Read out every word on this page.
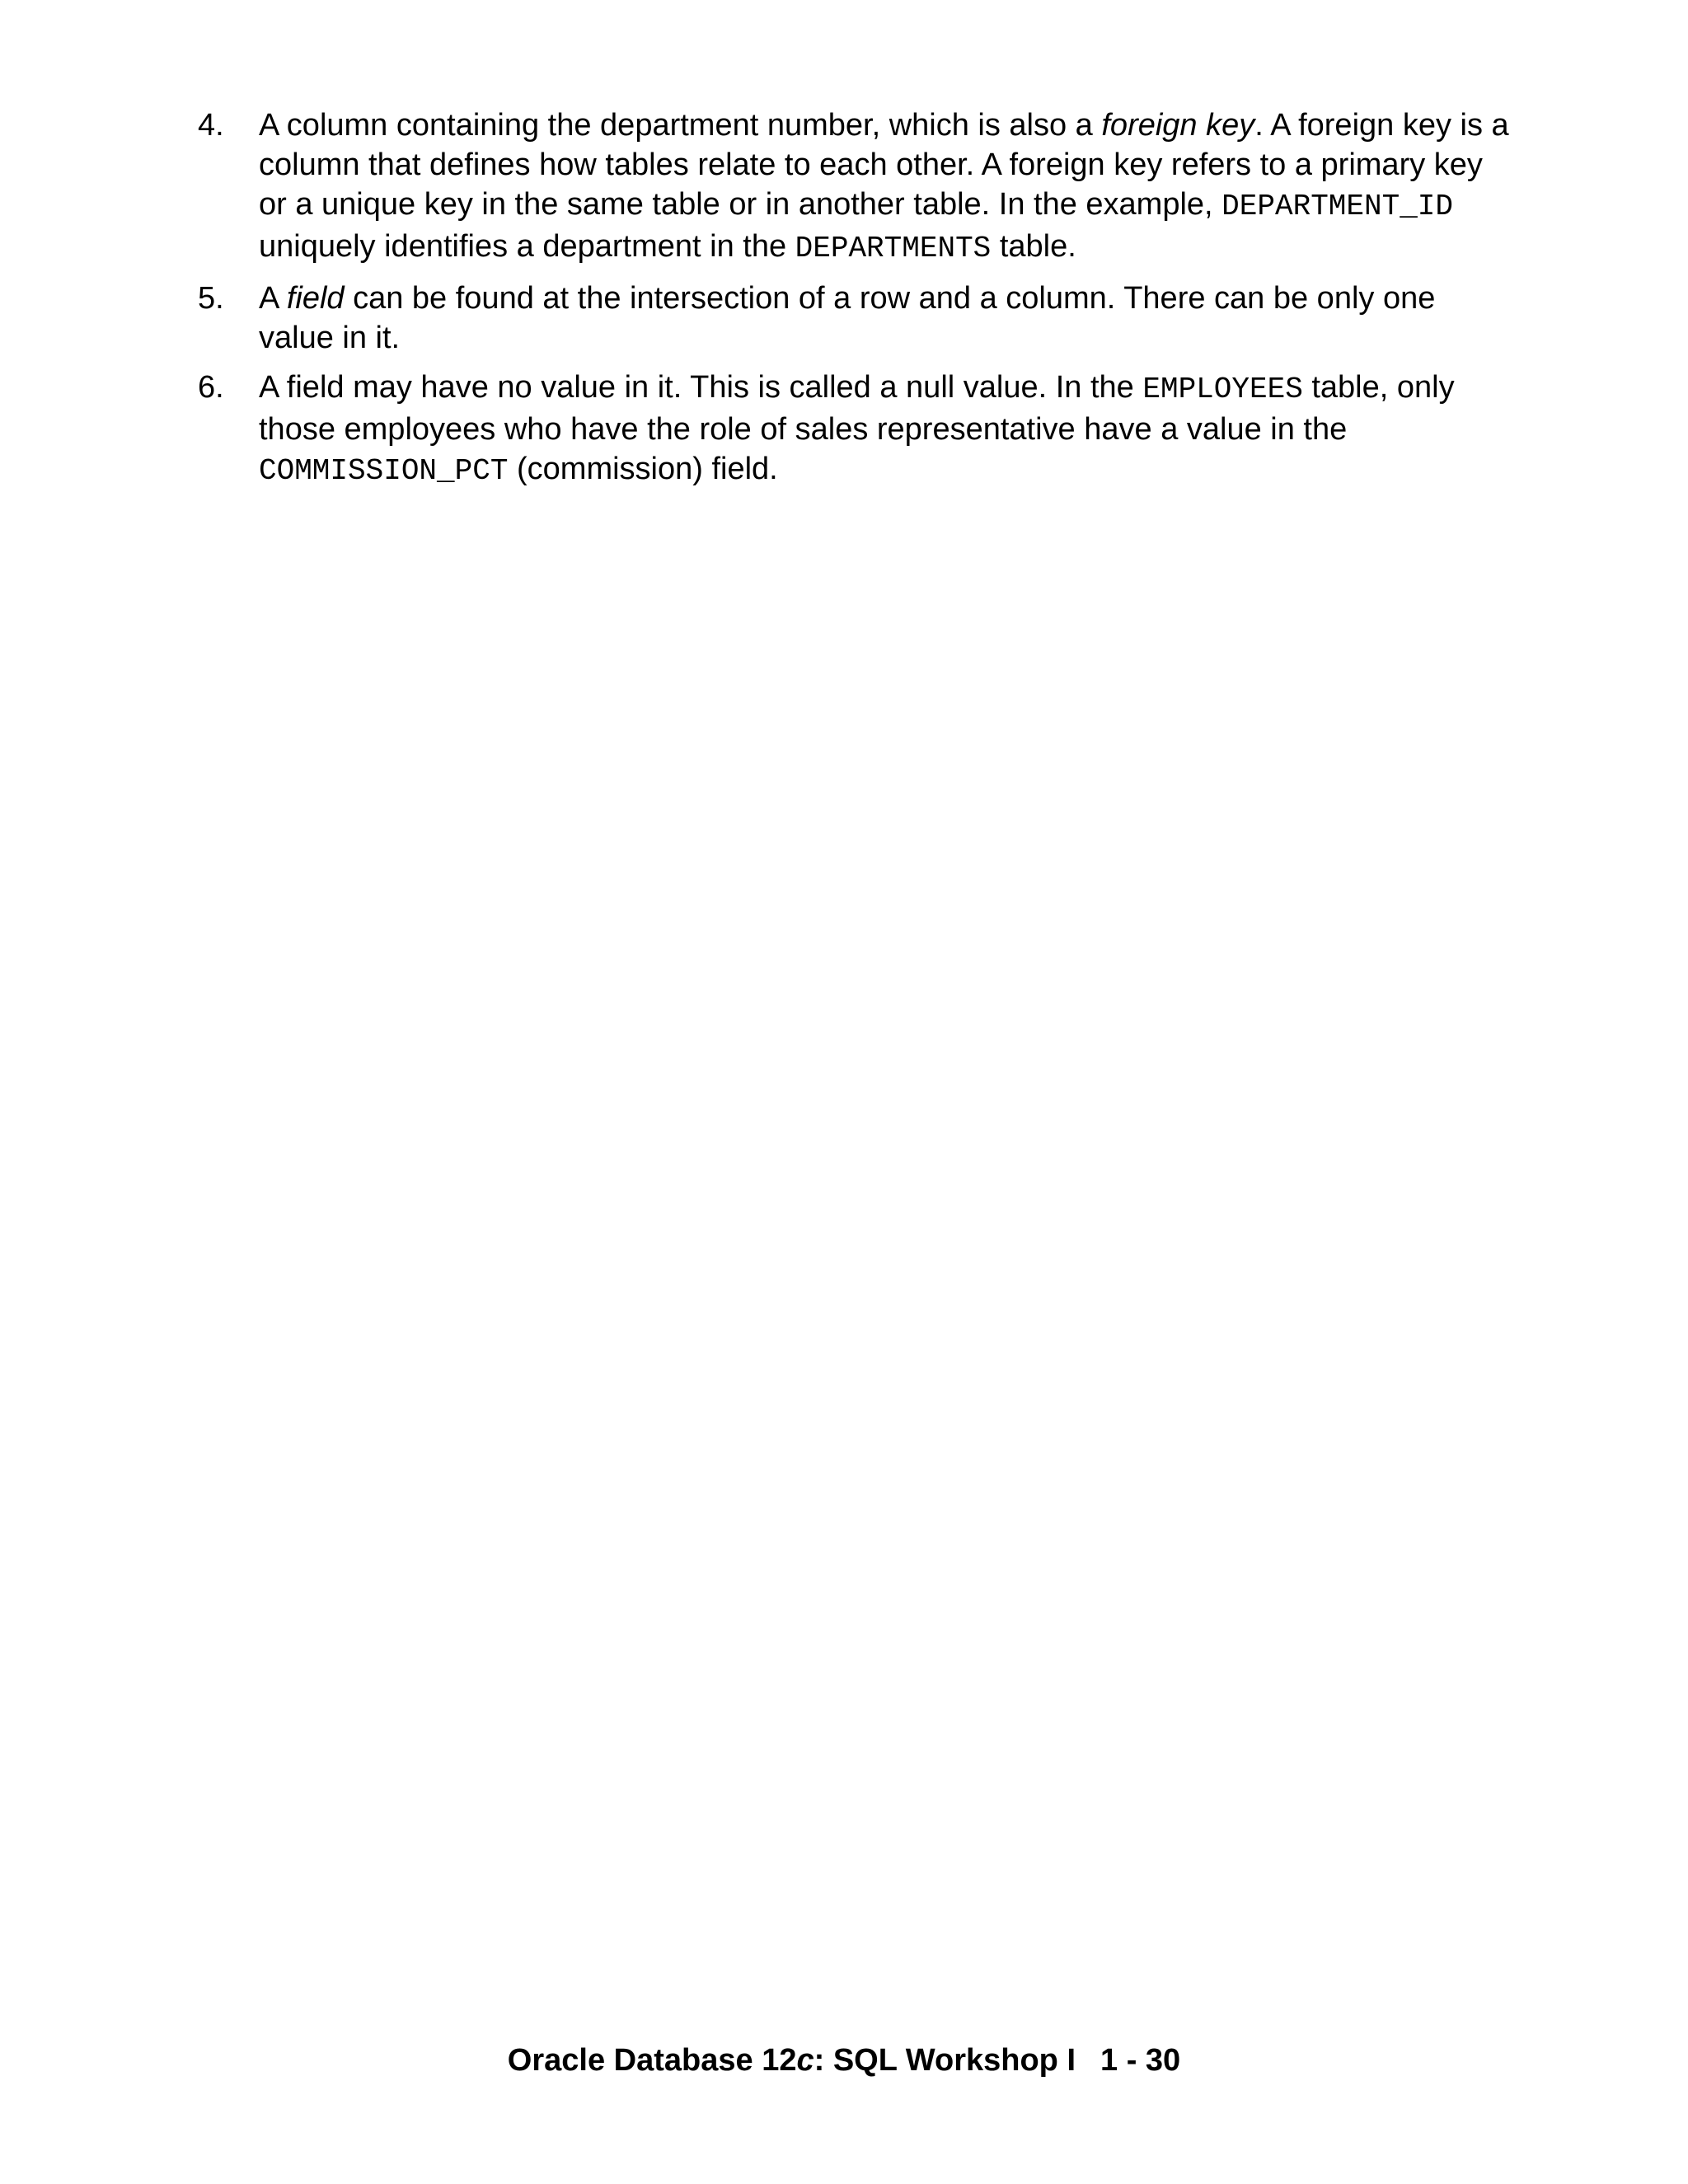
4. A column containing the department number, which is also a foreign key. A foreign key is a column that defines how tables relate to each other. A foreign key refers to a primary key or a unique key in the same table or in another table. In the example, DEPARTMENT_ID uniquely identifies a department in the DEPARTMENTS table.
5. A field can be found at the intersection of a row and a column. There can be only one value in it.
6. A field may have no value in it. This is called a null value. In the EMPLOYEES table, only those employees who have the role of sales representative have a value in the COMMISSION_PCT (commission) field.
Oracle Database 12c: SQL Workshop I 1 - 30
